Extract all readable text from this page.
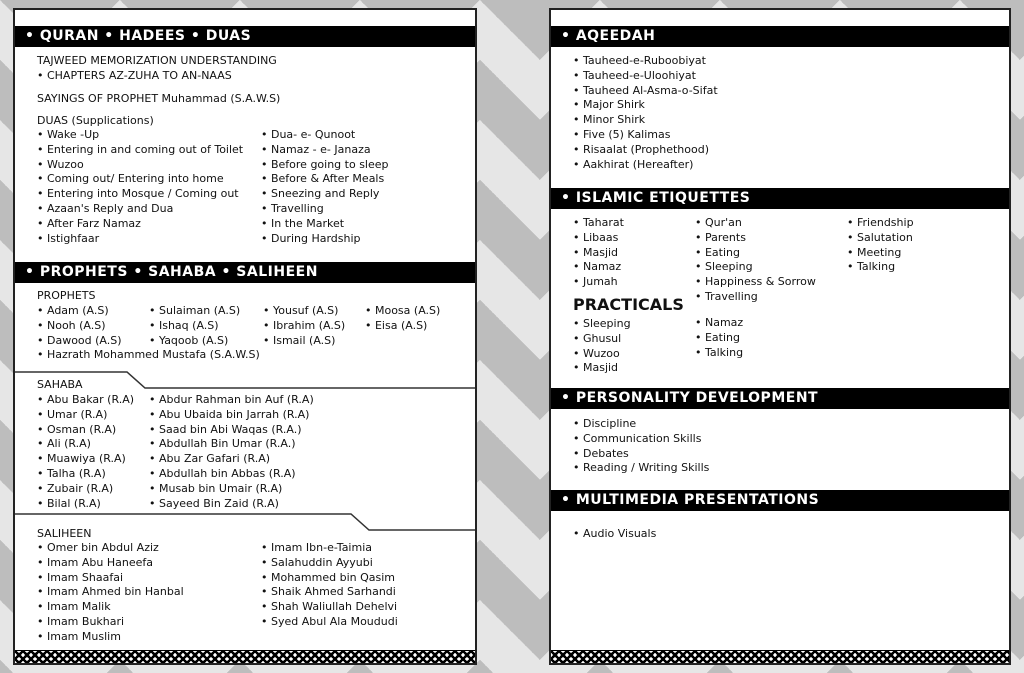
• QURAN • HADEES • DUAS
TAJWEED MEMORIZATION UNDERSTANDING
• CHAPTERS AZ-ZUHA TO AN-NAAS
SAYINGS OF PROPHET Muhammad (S.A.W.S)
DUAS (Supplications)
• Wake -Up
• Entering in and coming out of Toilet
• Wuzoo
• Coming out/ Entering into home
• Entering into Mosque / Coming out
• Azaan's Reply and Dua
• After Farz Namaz
• Istighfaar
• Dua- e- Qunoot
• Namaz - e- Janaza
• Before going to sleep
• Before & After Meals
• Sneezing and Reply
• Travelling
• In the Market
• During Hardship
• PROPHETS • SAHABA • SALIHEEN
PROPHETS
• Adam (A.S)
• Nooh (A.S)
• Dawood (A.S)
• Hazrath Mohammed Mustafa (S.A.W.S)
• Sulaiman (A.S)
• Ishaq (A.S)
• Yaqoob (A.S)
• Yousuf (A.S)
• Ibrahim (A.S)
• Ismail (A.S)
• Moosa (A.S)
• Eisa (A.S)
SAHABA
• Abu Bakar (R.A)
• Umar (R.A)
• Osman (R.A)
• Ali (R.A)
• Muawiya (R.A)
• Talha (R.A)
• Zubair (R.A)
• Bilal (R.A)
• Abdur Rahman bin Auf (R.A)
• Abu Ubaida bin Jarrah (R.A)
• Saad bin Abi Waqas (R.A.)
• Abdullah Bin Umar (R.A.)
• Abu Zar Gafari (R.A)
• Abdullah bin Abbas (R.A)
• Musab bin Umair (R.A)
• Sayeed Bin Zaid (R.A)
SALIHEEN
• Omer bin Abdul Aziz
• Imam Abu Haneefa
• Imam Shaafai
• Imam Ahmed bin Hanbal
• Imam Malik
• Imam Bukhari
• Imam Muslim
• Imam Ibn-e-Taimia
• Salahuddin Ayyubi
• Mohammed bin Qasim
• Shaik Ahmed Sarhandi
• Shah Waliullah Dehelvi
• Syed Abul Ala Moududi
• AQEEDAH
• Tauheed-e-Ruboobiyat
• Tauheed-e-Uloohiyat
• Tauheed Al-Asma-o-Sifat
• Major Shirk
• Minor Shirk
• Five (5) Kalimas
• Risaalat (Prophethood)
• Aakhirat (Hereafter)
• ISLAMIC ETIQUETTES
• Taharat
• Libaas
• Masjid
• Namaz
• Jumah
• Qur'an
• Parents
• Eating
• Sleeping
• Happiness & Sorrow
• Travelling
• Friendship
• Salutation
• Meeting
• Talking
PRACTICALS
• Sleeping
• Ghusul
• Wuzoo
• Masjid
• Namaz
• Eating
• Talking
• PERSONALITY DEVELOPMENT
• Discipline
• Communication Skills
• Debates
• Reading / Writing Skills
• MULTIMEDIA PRESENTATIONS
• Audio Visuals
